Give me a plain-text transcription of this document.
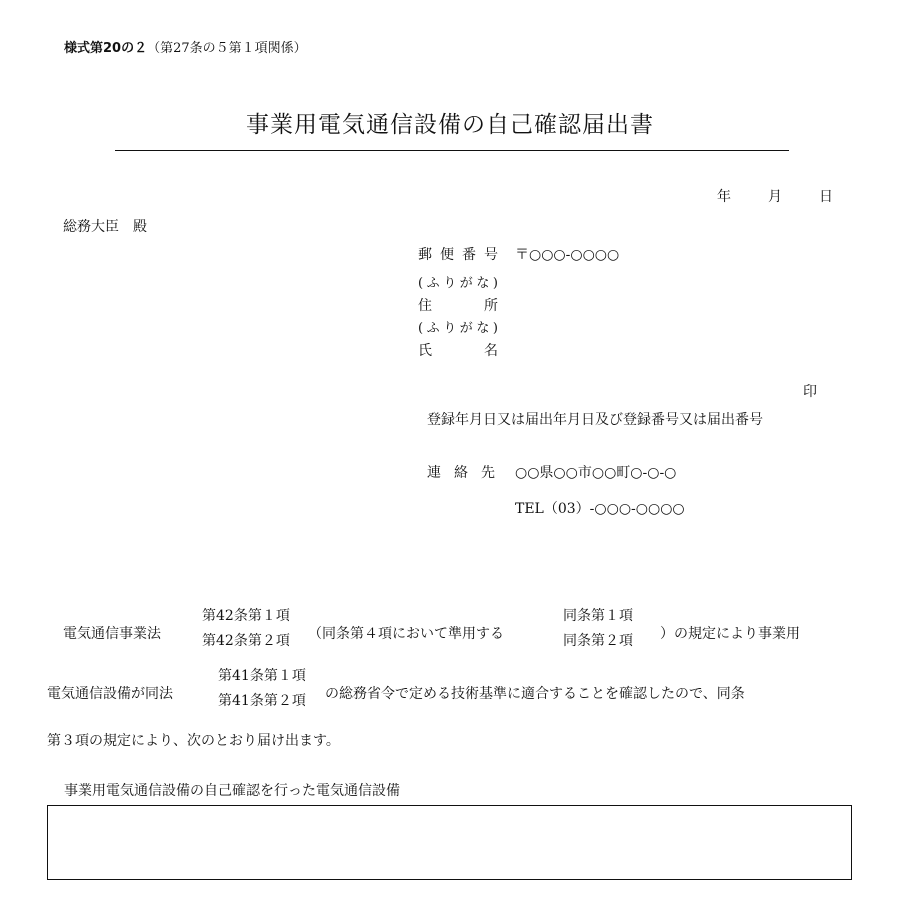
様式第20の２（第27条の５第１項関係）
事業用電気通信設備の自己確認届出書
年	月	日
総務大臣　殿
郵便番号 〒○○○-○○○○
(ふりがな)
住所
(ふりがな)
氏名
印
登録年月日又は届出年月日及び登録番号又は届出番号
連絡先 ○○県○○市○○町○-○-○
TEL（03）-○○○-○○○○
電気通信事業法
第42条第１項
第42条第２項 （同条第４項において準用する
同条第１項
同条第２項 ）の規定により事業用
電気通信設備が同法
第41条第１項
第41条第２項 の総務省令で定める技術基準に適合することを確認したので、同条
第３項の規定により、次のとおり届け出ます。
事業用電気通信設備の自己確認を行った電気通信設備
